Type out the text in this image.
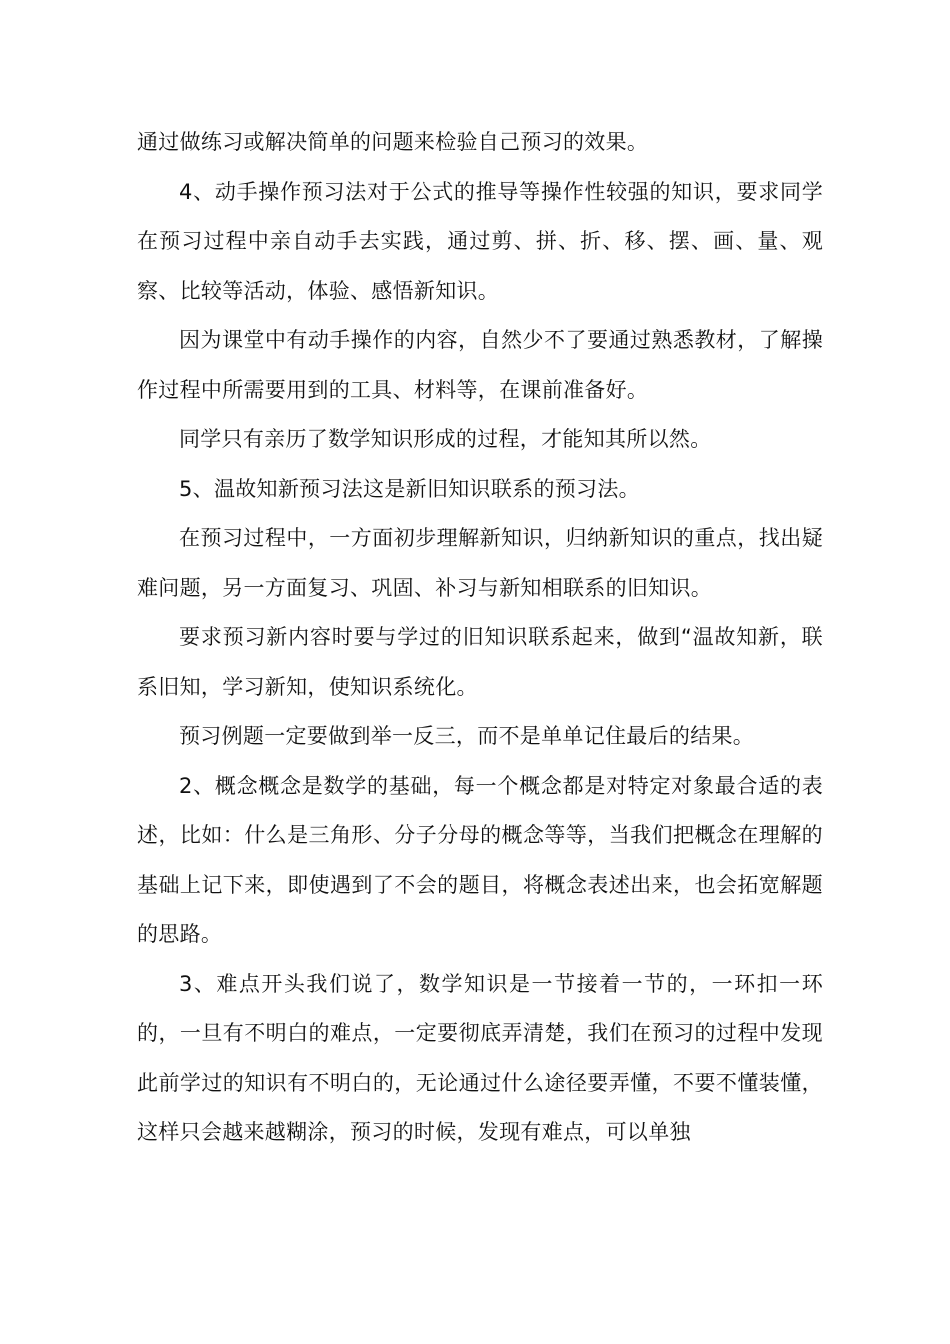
通过做练习或解决简单的问题来检验自己预习的效果。

4、动手操作预习法对于公式的推导等操作性较强的知识，要求同学在预习过程中亲自动手去实践，通过剪、拼、折、移、摆、画、量、观察、比较等活动，体验、感悟新知识。

因为课堂中有动手操作的内容，自然少不了要通过熟悉教材，了解操作过程中所需要用到的工具、材料等，在课前准备好。

同学只有亲历了数学知识形成的过程，才能知其所以然。

5、温故知新预习法这是新旧知识联系的预习法。

在预习过程中，一方面初步理解新知识，归纳新知识的重点，找出疑难问题，另一方面复习、巩固、补习与新知相联系的旧知识。

要求预习新内容时要与学过的旧知识联系起来，做到“温故知新，联系旧知，学习新知，使知识系统化。

预习例题一定要做到举一反三，而不是单单记住最后的结果。

2、概念概念是数学的基础，每一个概念都是对特定对象最合适的表述，比如：什么是三角形、分子分母的概念等等，当我们把概念在理解的基础上记下来，即使遇到了不会的题目，将概念表述出来，也会拓宽解题的思路。

3、难点开头我们说了，数学知识是一节接着一节的，一环扣一环的，一旦有不明白的难点，一定要彻底弄清楚，我们在预习的过程中发现此前学过的知识有不明白的，无论通过什么途径要弄懂，不要不懂装懂，这样只会越来越糊涂，预习的时候，发现有难点，可以单独
